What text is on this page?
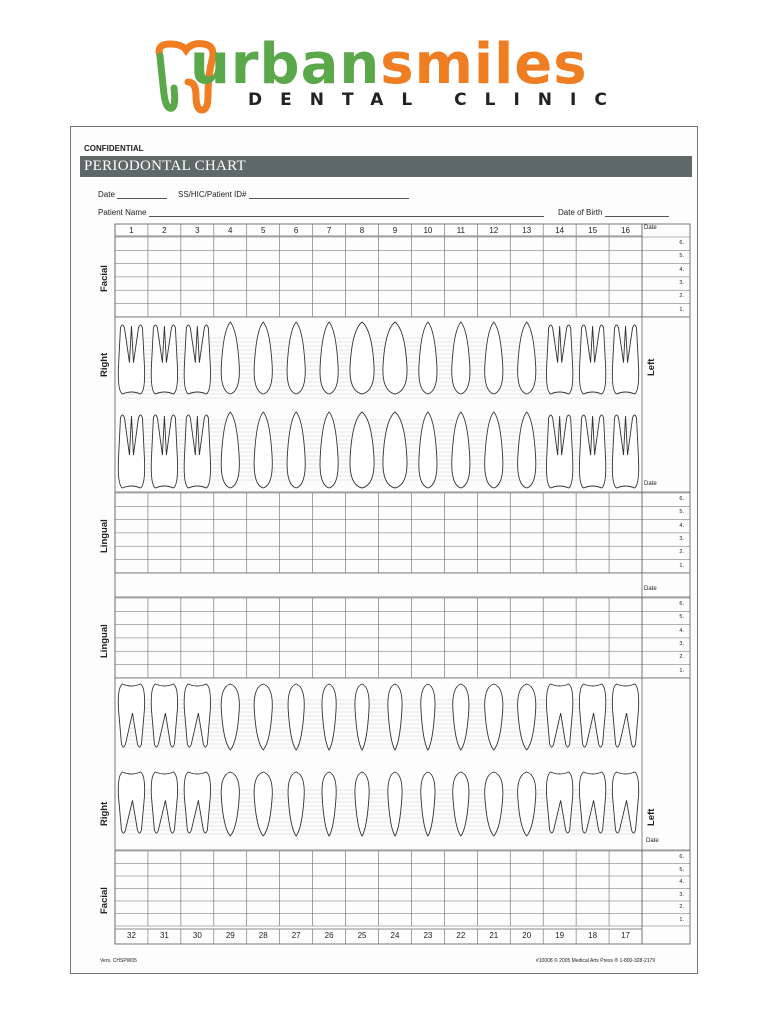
urbansmiles
DENTAL CLINIC
CONFIDENTIAL
PERIODONTAL CHART
Date	SS/HIC/Patient ID#
Patient Name	Date of Birth
Facial
Right	Left
Lingual
Lingual
Right	Left
Facial
1	2	3	4	5	6	7	8	9	10	11	12	13	14	15	16	Date
6.
5.
4.
3.
2.
1.
Date
6.
5.
4.
3.
2.
1.
Date
6.
5.
4.
3.
2.
1.
Date
6.
5.
4.
3.
2.
1.
32	31	30	29	28	27	26	25	24	23	22	21	20	19	18	17
Vers. CHSPW05	#10008 © 2005 Medical Arts Press ® 1-800-328-2179
